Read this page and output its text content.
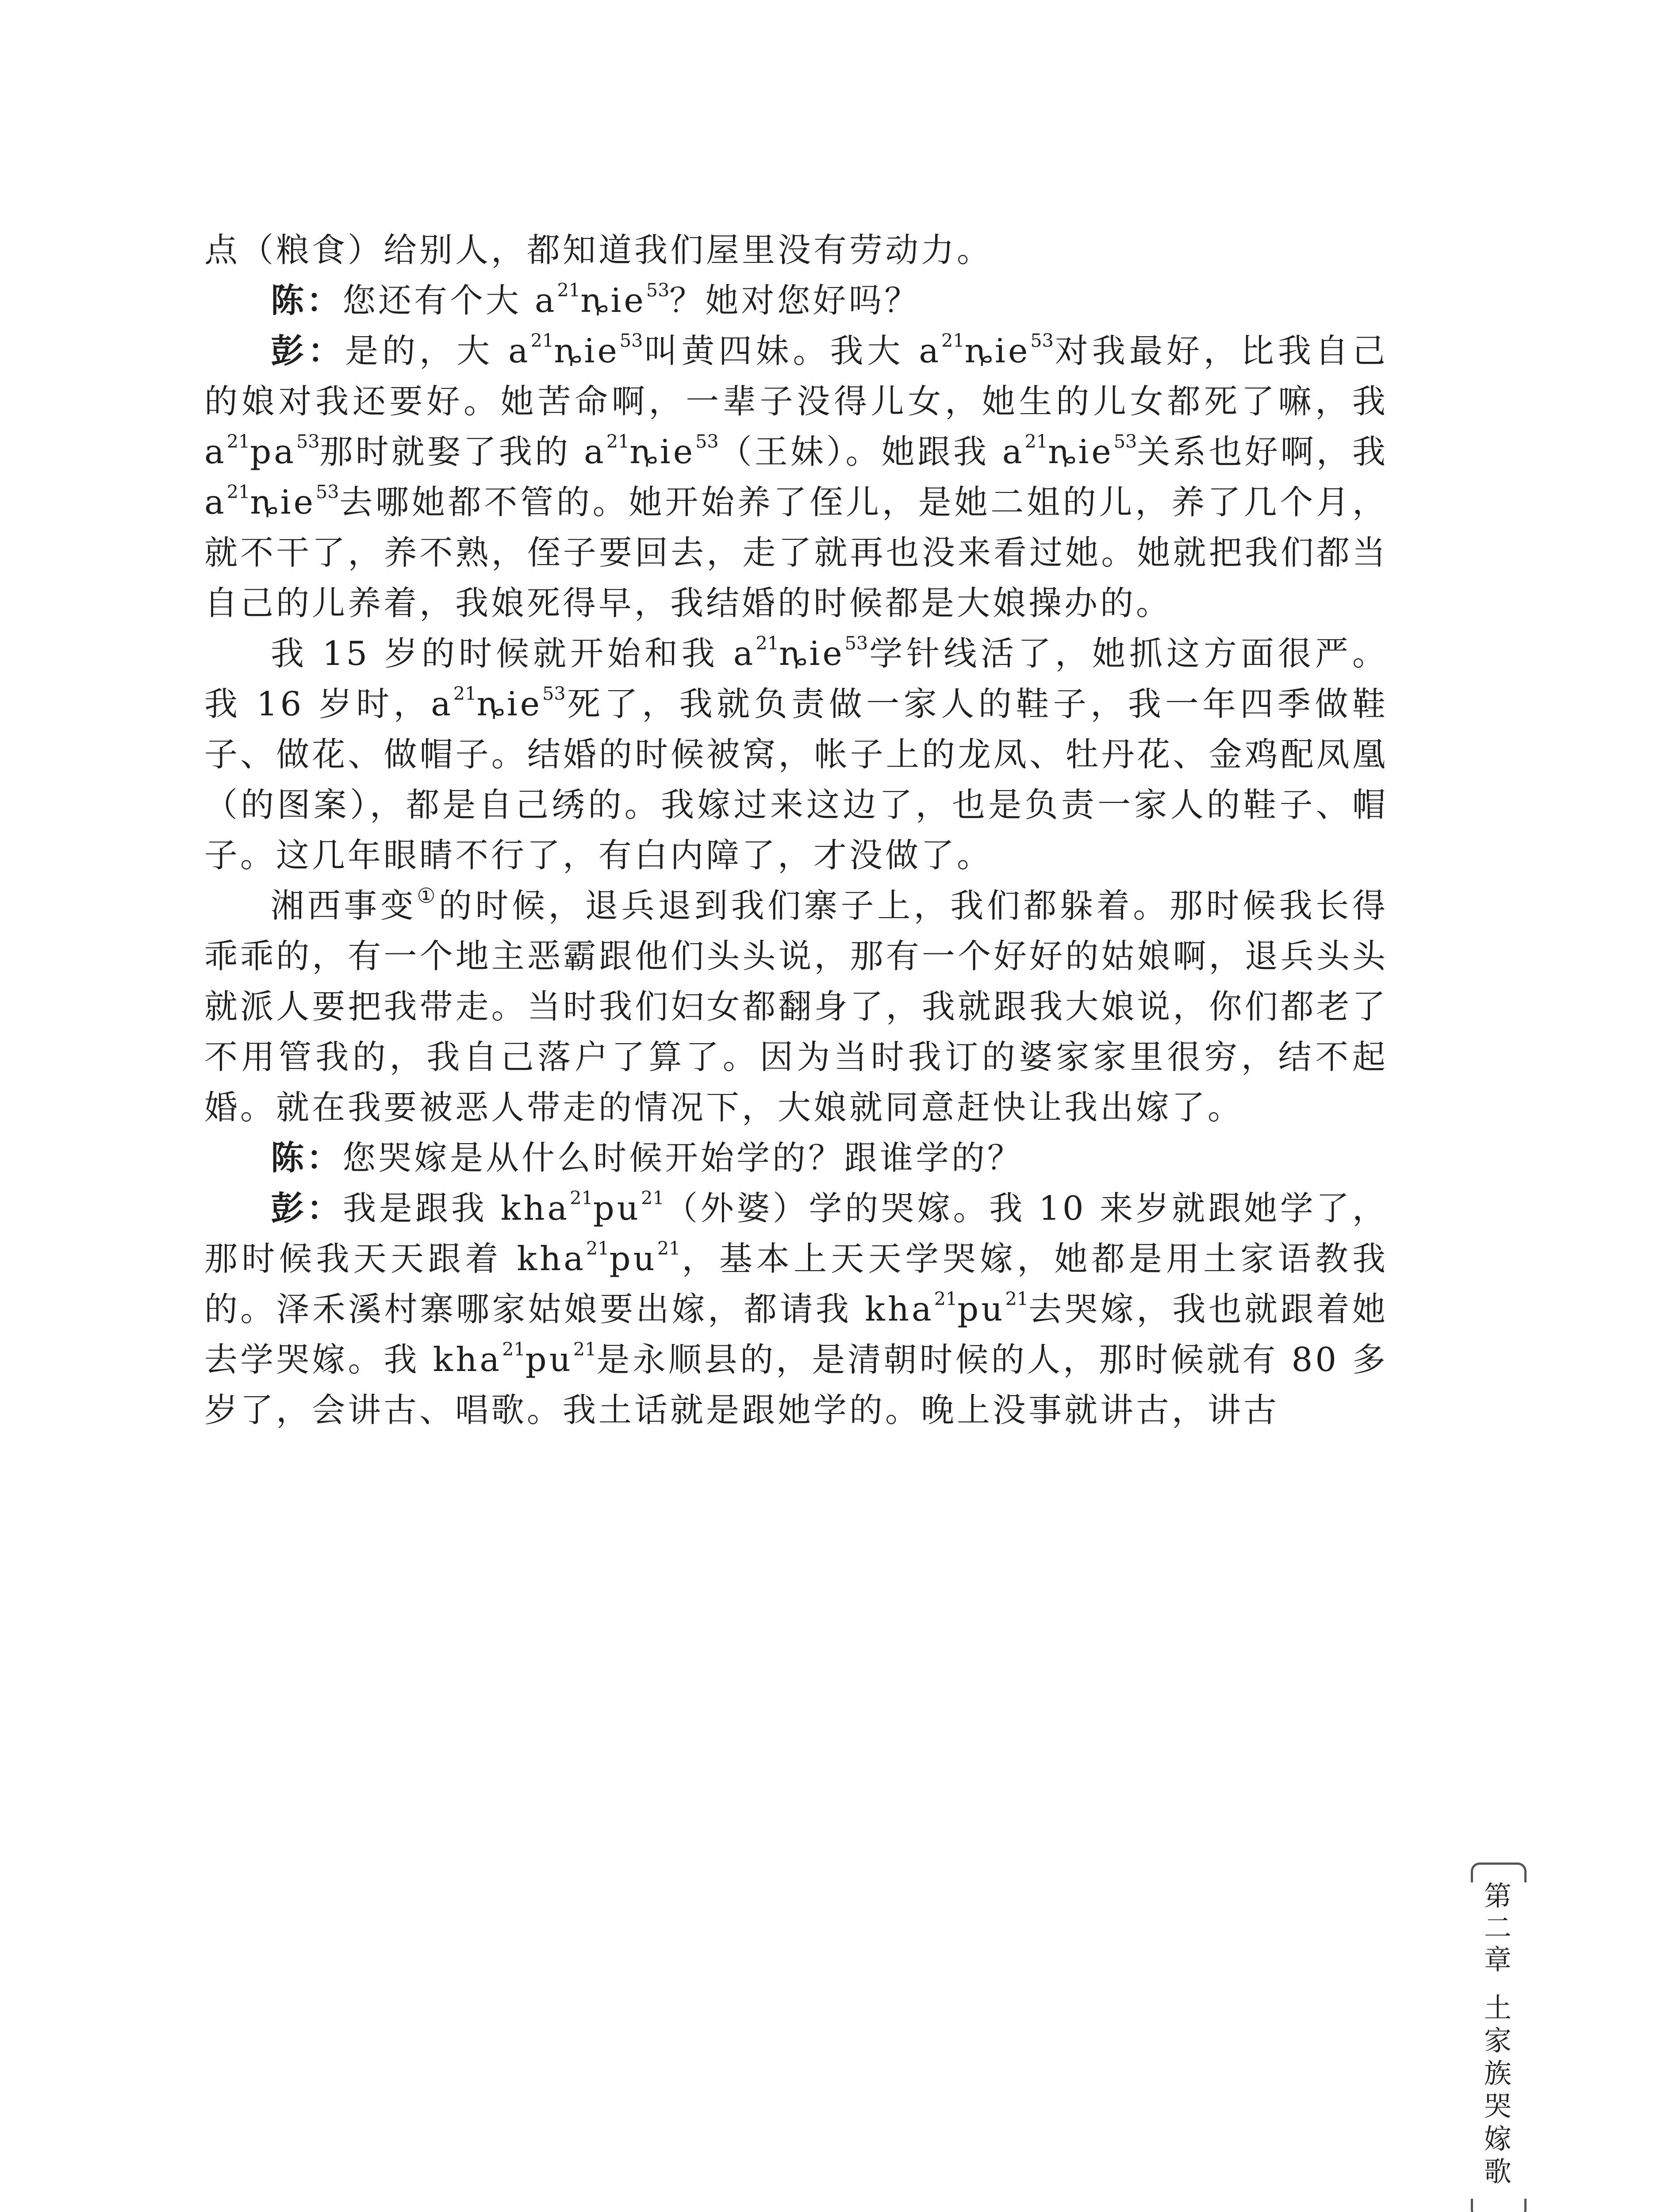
点（粮食）给别人，都知道我们屋里没有劳动力。

陈：您还有个大 $a^{21}ȵie^{53}$？她对您好吗？

彭：是的，大 $a^{21}ȵie^{53}$叫黄四妹。我大 $a^{21}ȵie^{53}$对我最好，比我自己的娘对我还要好。她苦命啊，一辈子没得儿女，她生的儿女都死了嘛，我 $a^{21}pa^{53}$那时就娶了我的 $a^{21}ȵie^{53}$（王妹）。她跟我 $a^{21}ȵie^{53}$关系也好啊，我 $a^{21}ȵie^{53}$去哪她都不管的。她开始养了侄儿，是她二姐的儿，养了几个月，就不干了，养不熟，侄子要回去，走了就再也没来看过她。她就把我们都当自己的儿养着，我娘死得早，我结婚的时候都是大娘操办的。

我 15 岁的时候就开始和我 $a^{21}ȵie^{53}$学针线活了，她抓这方面很严。我 16 岁时，$a^{21}ȵie^{53}$死了，我就负责做一家人的鞋子，我一年四季做鞋子、做花、做帽子。结婚的时候被窝，帐子上的龙凤、牡丹花、金鸡配凤凰（的图案），都是自己绣的。我嫁过来这边了，也是负责一家人的鞋子、帽子。这几年眼睛不行了，有白内障了，才没做了。

湘西事变①的时候，退兵退到我们寨子上，我们都躲着。那时候我长得乖乖的，有一个地主恶霸跟他们头头说，那有一个好好的姑娘啊，退兵头头就派人要把我带走。当时我们妇女都翻身了，我就跟我大娘说，你们都老了不用管我的，我自己落户了算了。因为当时我订的婆家家里很穷，结不起婚。就在我要被恶人带走的情况下，大娘就同意赶快让我出嫁了。

陈：您哭嫁是从什么时候开始学的？跟谁学的？

彭：我是跟我 $kha^{21}pu^{21}$（外婆）学的哭嫁。我 10 来岁就跟她学了，那时候我天天跟着 $kha^{21}pu^{21}$，基本上天天学哭嫁，她都是用土家语教我的。泽禾溪村寨哪家姑娘要出嫁，都请我 $kha^{21}pu^{21}$去哭嫁，我也就跟着她去学哭嫁。我 $kha^{21}pu^{21}$是永顺县的，是清朝时候的人，那时候就有 80 多岁了，会讲古、唱歌。我土话就是跟她学的。晚上没事就讲古，讲古

第
二
章
土
家
族
哭
嫁
歌
